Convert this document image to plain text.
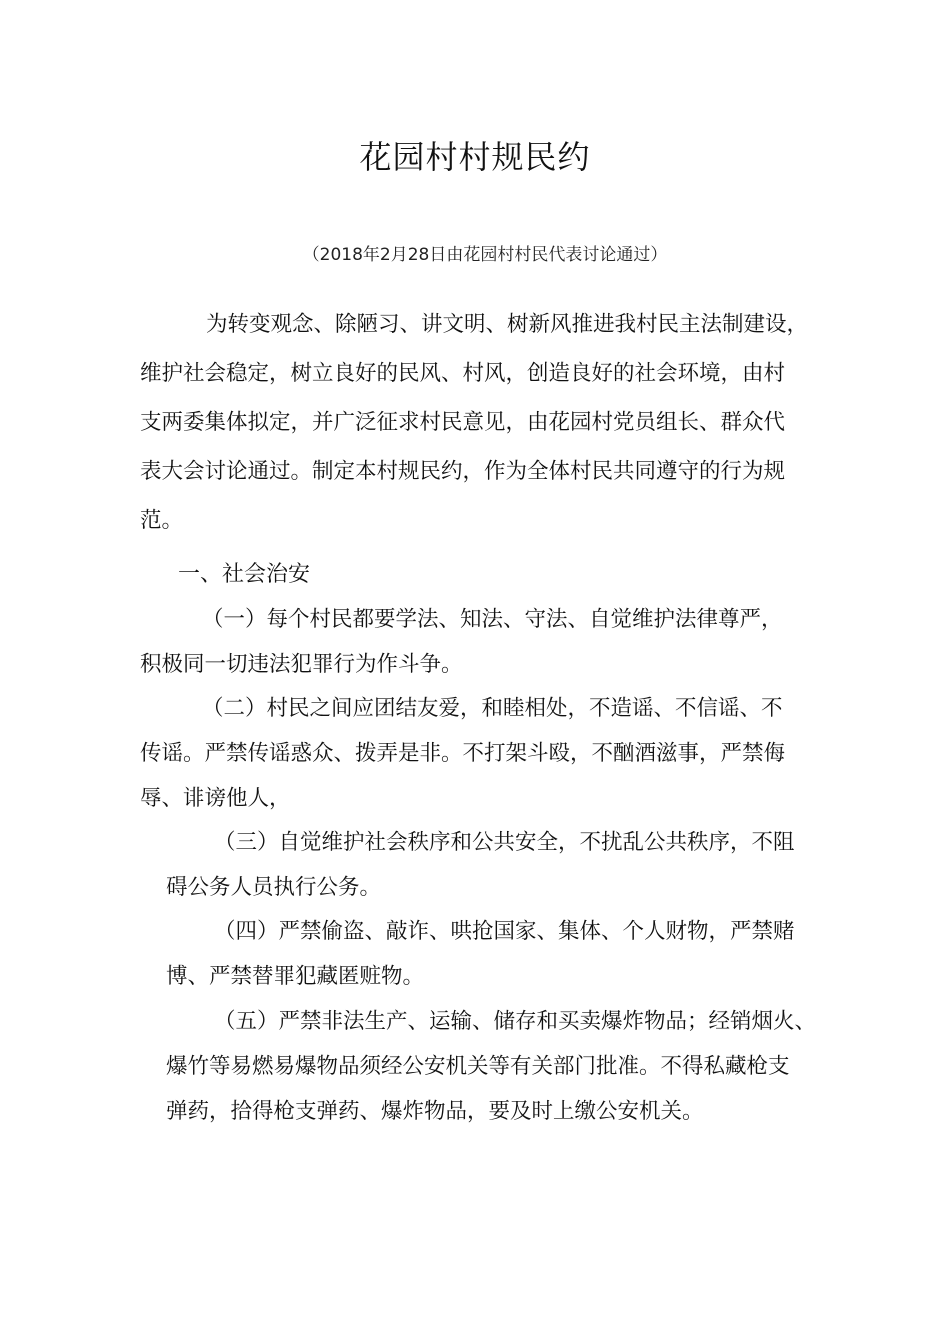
花园村村规民约
（2018年2月28日由花园村村民代表讨论通过）
为转变观念、除陋习、讲文明、树新风推进我村民主法制建设，
维护社会稳定，树立良好的民风、村风，创造良好的社会环境，由村
支两委集体拟定，并广泛征求村民意见，由花园村党员组长、群众代
表大会讨论通过。制定本村规民约，作为全体村民共同遵守的行为规
范。
一、社会治安
（一）每个村民都要学法、知法、守法、自觉维护法律尊严，
积极同一切违法犯罪行为作斗争。
（二）村民之间应团结友爱，和睦相处，不造谣、不信谣、不
传谣。严禁传谣惑众、拨弄是非。不打架斗殴，不酗酒滋事，严禁侮
辱、诽谤他人，
（三）自觉维护社会秩序和公共安全，不扰乱公共秩序，不阻
碍公务人员执行公务。
（四）严禁偷盗、敲诈、哄抢国家、集体、个人财物，严禁赌
博、严禁替罪犯藏匿赃物。
（五）严禁非法生产、运输、储存和买卖爆炸物品；经销烟火、
爆竹等易燃易爆物品须经公安机关等有关部门批准。不得私藏枪支
弹药，拾得枪支弹药、爆炸物品，要及时上缴公安机关。
